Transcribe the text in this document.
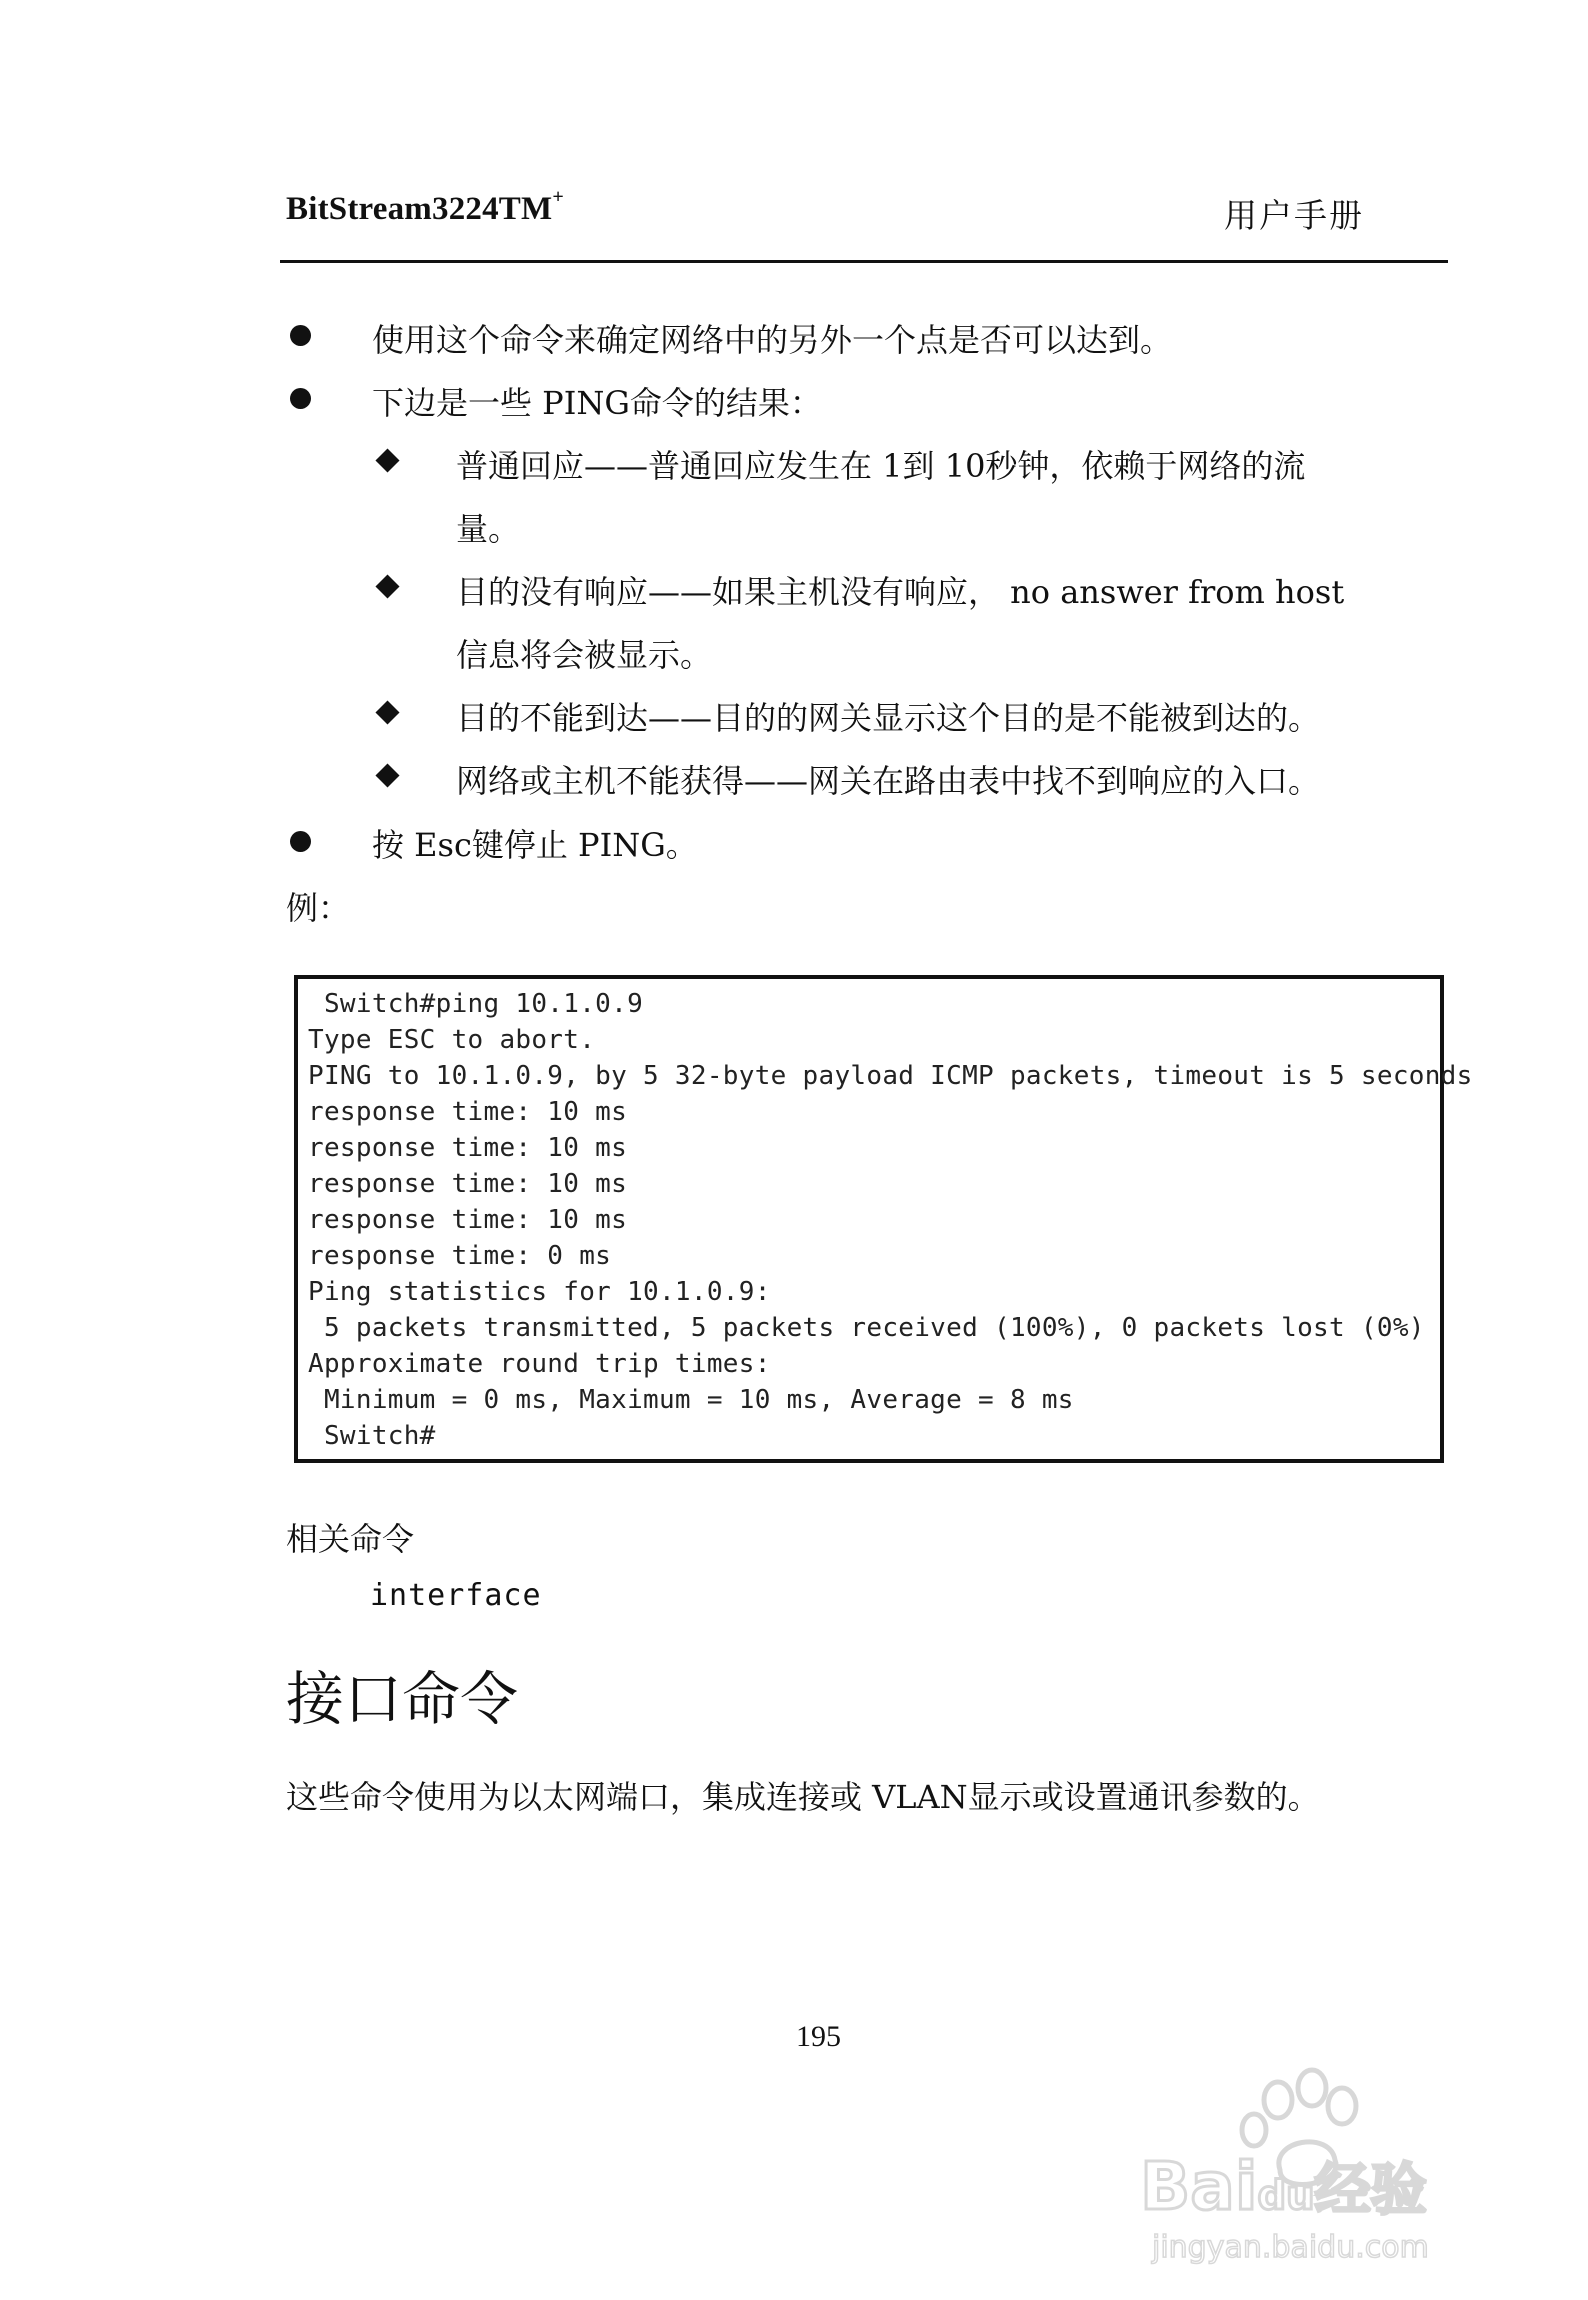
BitStream3224TM+	用户手册
使用这个命令来确定网络中的另外一个点是否可以达到。
下边是一些 PING命令的结果：
普通回应——普通回应发生在 1到 10秒钟，依赖于网络的流
量。
目的没有响应——如果主机没有响应， no answer from host
信息将会被显示。
目的不能到达——目的的网关显示这个目的是不能被到达的。
网络或主机不能获得——网关在路由表中找不到响应的入口。
按 Esc键停止 PING。
例：
Switch#ping 10.1.0.9
Type ESC to abort.
PING to 10.1.0.9, by 5 32-byte payload ICMP packets, timeout is 5 seconds
response time: 10 ms
response time: 10 ms
response time: 10 ms
response time: 10 ms
response time: 0 ms
Ping statistics for 10.1.0.9:
5 packets transmitted, 5 packets received (100%), 0 packets lost (0%)
Approximate round trip times:
Minimum = 0 ms, Maximum = 10 ms, Average = 8 ms
Switch#
相关命令
interface
接口命令
这些命令使用为以太网端口，集成连接或 VLAN显示或设置通讯参数的。
195
Baidu经验
jingyan.baidu.com
